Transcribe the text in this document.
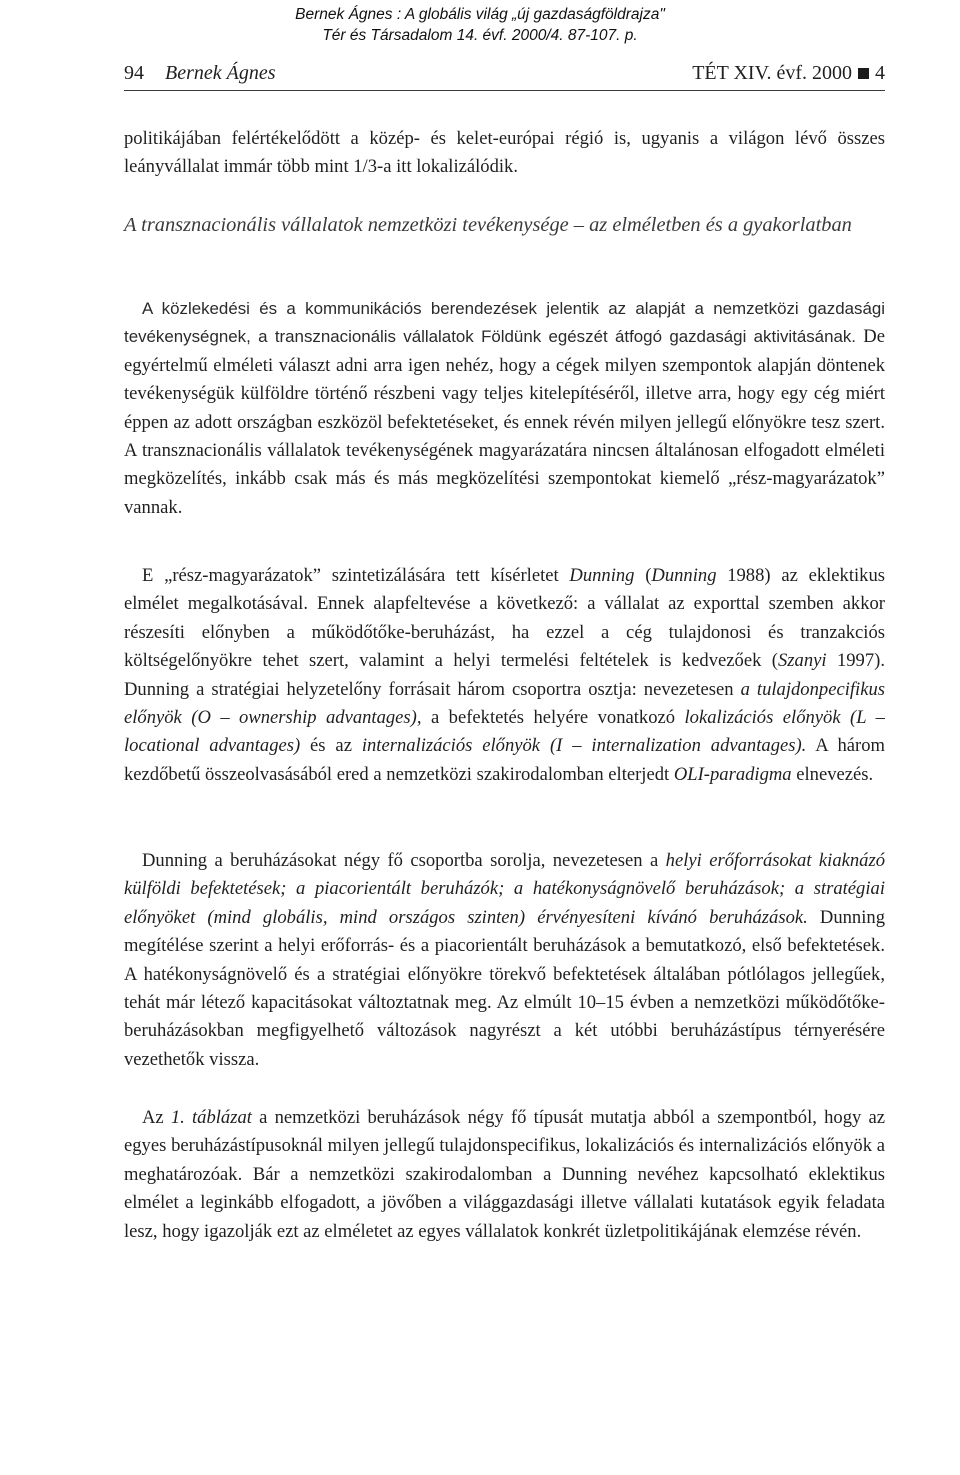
Bernek Ágnes : A globális világ „új gazdaságföldrajza"
Tér és Társadalom 14. évf. 2000/4. 87-107. p.
94 Bernek Ágnes	TÉT XIV. évf. 2000 4

politikájában felértékelődött a közép- és kelet-európai régió is, ugyanis a világon lévő összes leányvállalat immár több mint 1/3-a itt lokalizálódik.

A transznacionális vállalatok nemzetközi tevékenysége – az elméletben és a gyakorlatban

A közlekedési és a kommunikációs berendezések jelentik az alapját a nemzetközi gazdasági tevékenységnek, a transznacionális vállalatok Földünk egészét átfogó gazdasági aktivitásának. De egyértelmű elméleti választ adni arra igen nehéz, hogy a cégek milyen szempontok alapján döntenek tevékenységük külföldre történő részbeni vagy teljes kitelepítéséről, illetve arra, hogy egy cég miért éppen az adott országban eszközöl befektetéseket, és ennek révén milyen jellegű előnyökre tesz szert. A transznacionális vállalatok tevékenységének magyarázatára nincsen általánosan elfogadott elméleti megközelítés, inkább csak más és más megközelítési szempontokat kiemelő „rész-magyarázatok” vannak.

E „rész-magyarázatok” szintetizálására tett kísérletet Dunning (Dunning 1988) az eklektikus elmélet megalkotásával. Ennek alapfeltevése a következő: a vállalat az exporttal szemben akkor részesíti előnyben a működőtőke-beruházást, ha ezzel a cég tulajdonosi és tranzakciós költségelőnyökre tehet szert, valamint a helyi termelési feltételek is kedvezőek (Szanyi 1997). Dunning a stratégiai helyzetelőny forrásait három csoportra osztja: nevezetesen a tulajdonpecifikus előnyök (O – ownership advantages), a befektetés helyére vonatkozó lokalizációs előnyök (L – locational advantages) és az internalizációs előnyök (I – internalization advantages). A három kezdőbetű összeolvasásából ered a nemzetközi szakirodalomban elterjedt OLI-paradigma elnevezés.

Dunning a beruházásokat négy fő csoportba sorolja, nevezetesen a helyi erőforrásokat kiaknázó külföldi befektetések; a piacorientált beruházók; a hatékonyságnövelő beruházások; a stratégiai előnyöket (mind globális, mind országos szinten) érvényesíteni kívánó beruházások. Dunning megítélése szerint a helyi erőforrás- és a piacorientált beruházások a bemutatkozó, első befektetések. A hatékonyságnövelő és a stratégiai előnyökre törekvő befektetések általában pótlólagos jellegűek, tehát már létező kapacitásokat változtatnak meg. Az elmúlt 10–15 évben a nemzetközi működőtőke-beruházásokban megfigyelhető változások nagyrészt a két utóbbi beruházástípus térnyerésére vezethetők vissza.

Az 1. táblázat a nemzetközi beruházások négy fő típusát mutatja abból a szempontból, hogy az egyes beruházástípusoknál milyen jellegű tulajdonspecifikus, lokalizációs és internalizációs előnyök a meghatározóak. Bár a nemzetközi szakirodalomban a Dunning nevéhez kapcsolható eklektikus elmélet a leginkább elfogadott, a jövőben a világgazdasági illetve vállalati kutatások egyik feladata lesz, hogy igazolják ezt az elméletet az egyes vállalatok konkrét üzletpolitikájának elemzése révén.
